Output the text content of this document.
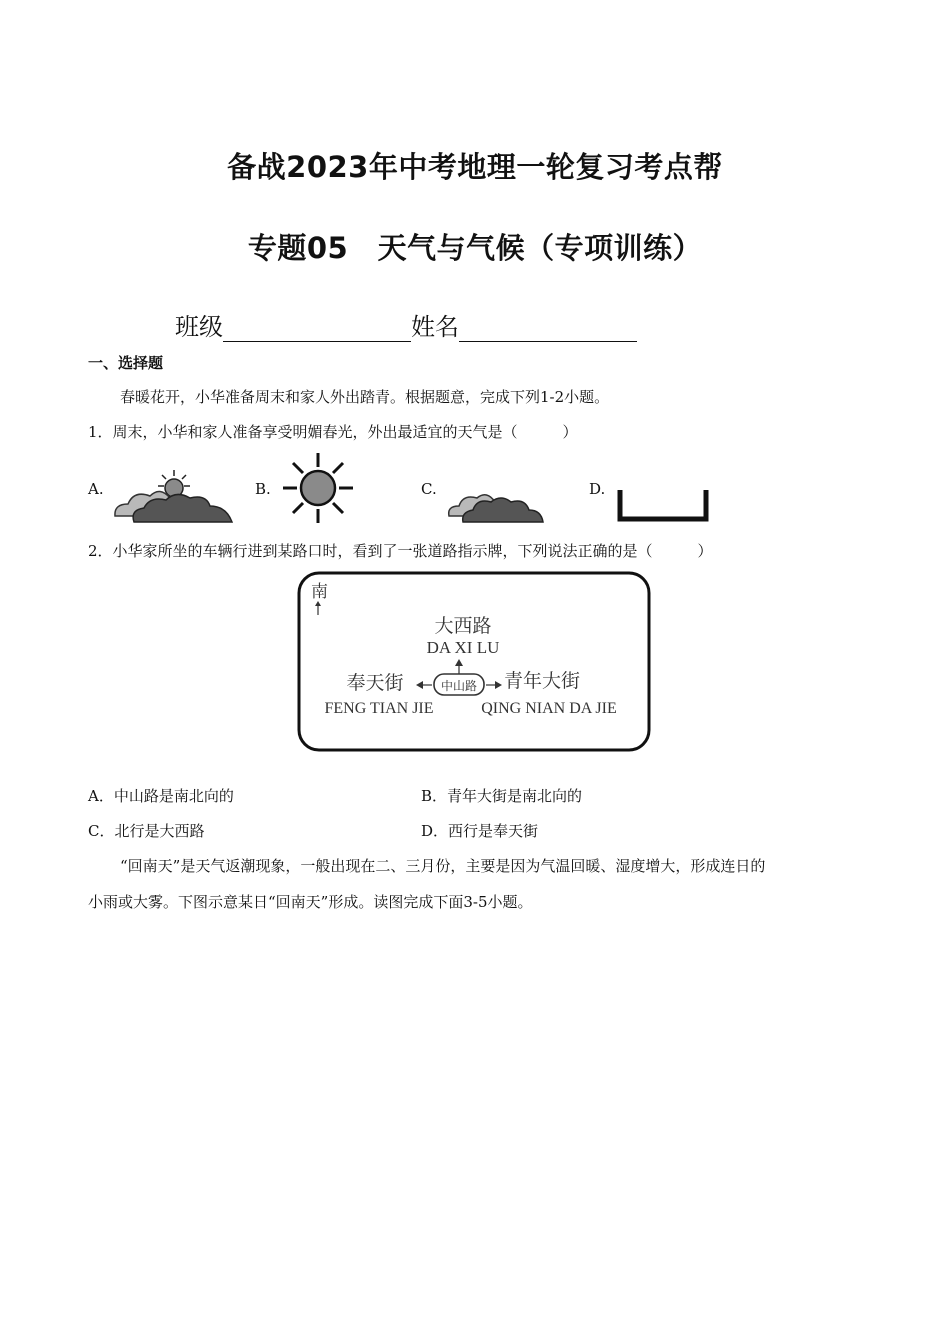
备战2023年中考地理一轮复习考点帮
专题05　天气与气候（专项训练）
班级	姓名
一、选择题
春暖花开，小华准备周末和家人外出踏青。根据题意，完成下列1-2小题。
1．周末，小华和家人准备享受明媚春光，外出最适宜的天气是（　　　）
A.	B.	C.	D.
2．小华家所坐的车辆行进到某路口时，看到了一张道路指示牌，下列说法正确的是（　　　）
南
大西路
DA XI LU
奉天街	中山路 青年大街
FENG TIAN JIE	QING NIAN DA JIE
A．中山路是南北向的	B．青年大街是南北向的
C．北行是大西路	D．西行是奉天街
“回南天”是天气返潮现象，一般出现在二、三月份，主要是因为气温回暖、湿度增大，形成连日的
小雨或大雾。下图示意某日“回南天”形成。读图完成下面3-5小题。
